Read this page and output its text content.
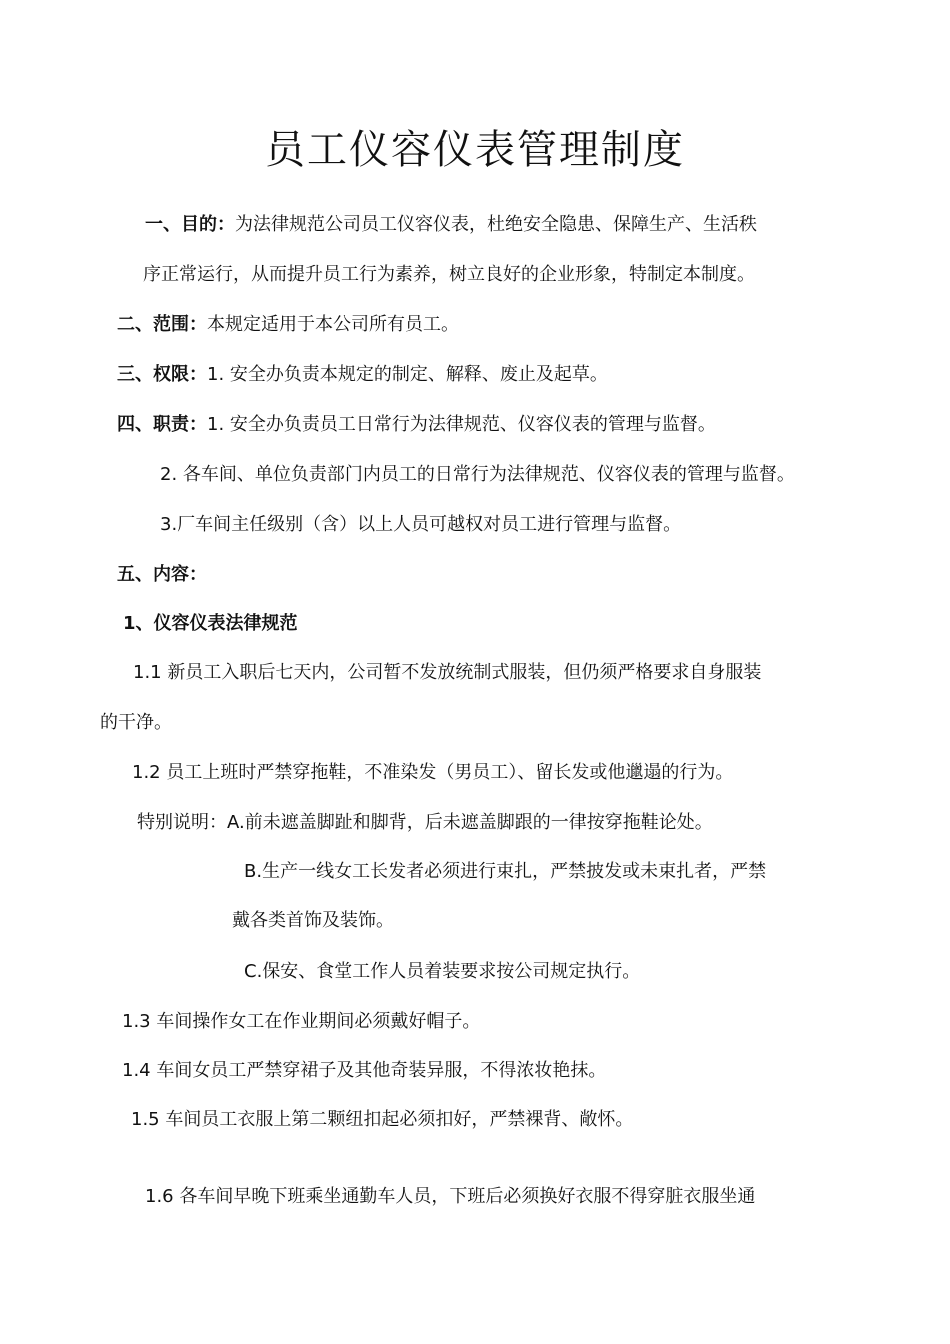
员工仪容仪表管理制度
一、目的：为法律规范公司员工仪容仪表，杜绝安全隐患、保障生产、生活秩
序正常运行，从而提升员工行为素养，树立良好的企业形象，特制定本制度。
二、范围：本规定适用于本公司所有员工。
三、权限：1. 安全办负责本规定的制定、解释、废止及起草。
四、职责：1. 安全办负责员工日常行为法律规范、仪容仪表的管理与监督。
2. 各车间、单位负责部门内员工的日常行为法律规范、仪容仪表的管理与监督。
3.厂车间主任级别（含）以上人员可越权对员工进行管理与监督。
五、内容：
1、仪容仪表法律规范
1.1 新员工入职后七天内，公司暂不发放统制式服装，但仍须严格要求自身服装
的干净。
1.2 员工上班时严禁穿拖鞋，不准染发（男员工）、留长发或他邋遢的行为。
特别说明：A.前未遮盖脚趾和脚背，后未遮盖脚跟的一律按穿拖鞋论处。
B.生产一线女工长发者必须进行束扎，严禁披发或未束扎者，严禁
戴各类首饰及装饰。
C.保安、食堂工作人员着装要求按公司规定执行。
1.3 车间操作女工在作业期间必须戴好帽子。
1.4 车间女员工严禁穿裙子及其他奇装异服，不得浓妆艳抹。
1.5 车间员工衣服上第二颗纽扣起必须扣好，严禁裸背、敞怀。
1.6 各车间早晚下班乘坐通勤车人员，下班后必须换好衣服不得穿脏衣服坐通
